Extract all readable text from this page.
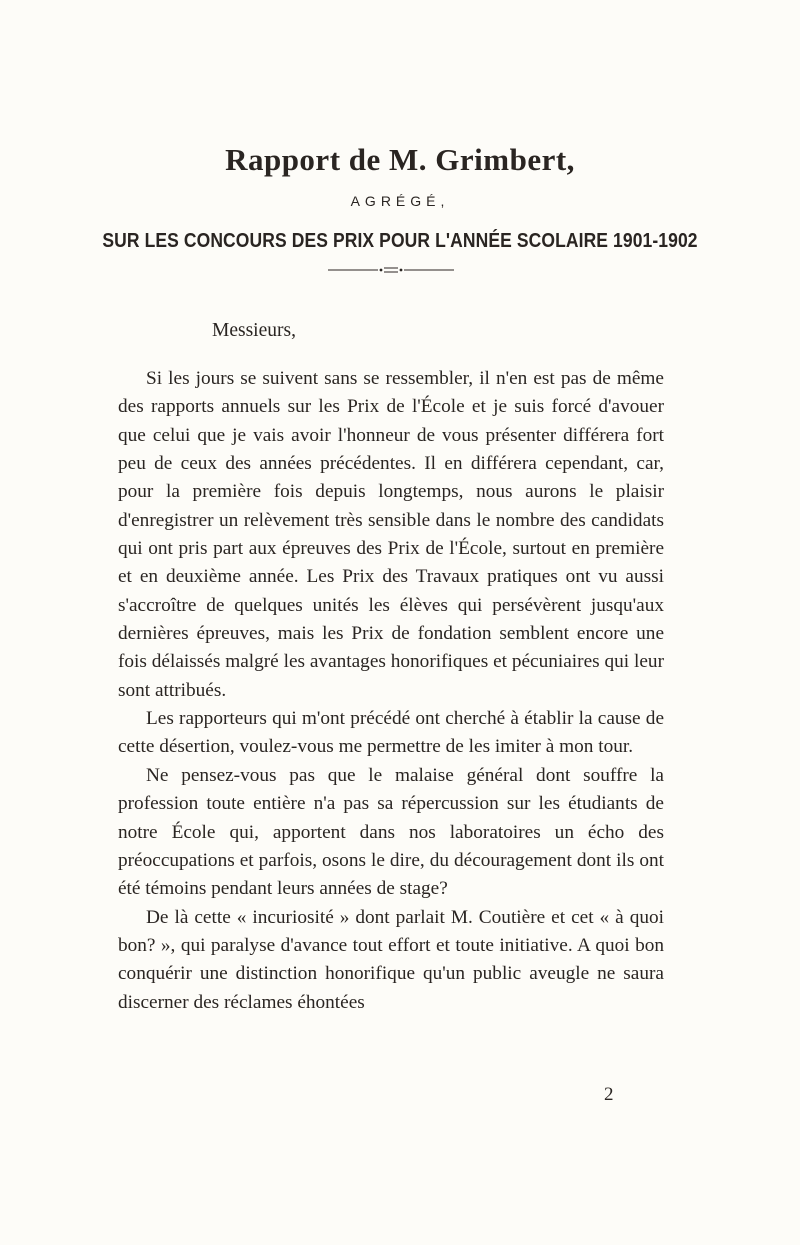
Rapport de M. Grimbert,
AGRÉGÉ,
SUR LES CONCOURS DES PRIX POUR L'ANNÉE SCOLAIRE 1901-1902
Messieurs,

Si les jours se suivent sans se ressembler, il n'en est pas de même des rapports annuels sur les Prix de l'École et je suis forcé d'avouer que celui que je vais avoir l'honneur de vous présenter différera fort peu de ceux des années précédentes. Il en différera cependant, car, pour la première fois depuis longtemps, nous aurons le plaisir d'enregistrer un relèvement très sensible dans le nombre des candidats qui ont pris part aux épreuves des Prix de l'École, surtout en première et en deuxième année. Les Prix des Travaux pratiques ont vu aussi s'accroître de quelques unités les élèves qui persévèrent jusqu'aux dernières épreuves, mais les Prix de fondation semblent encore une fois délaissés malgré les avantages honorifiques et pécuniaires qui leur sont attribués.

Les rapporteurs qui m'ont précédé ont cherché à établir la cause de cette désertion, voulez-vous me permettre de les imiter à mon tour.

Ne pensez-vous pas que le malaise général dont souffre la profession toute entière n'a pas sa répercussion sur les étudiants de notre École qui, apportent dans nos laboratoires un écho des préoccupations et parfois, osons le dire, du découragement dont ils ont été témoins pendant leurs années de stage?

De là cette « incuriosité » dont parlait M. Coutière et cet « à quoi bon? », qui paralyse d'avance tout effort et toute initiative. A quoi bon conquérir une distinction honorifique qu'un public aveugle ne saura discerner des réclames éhontées

2
